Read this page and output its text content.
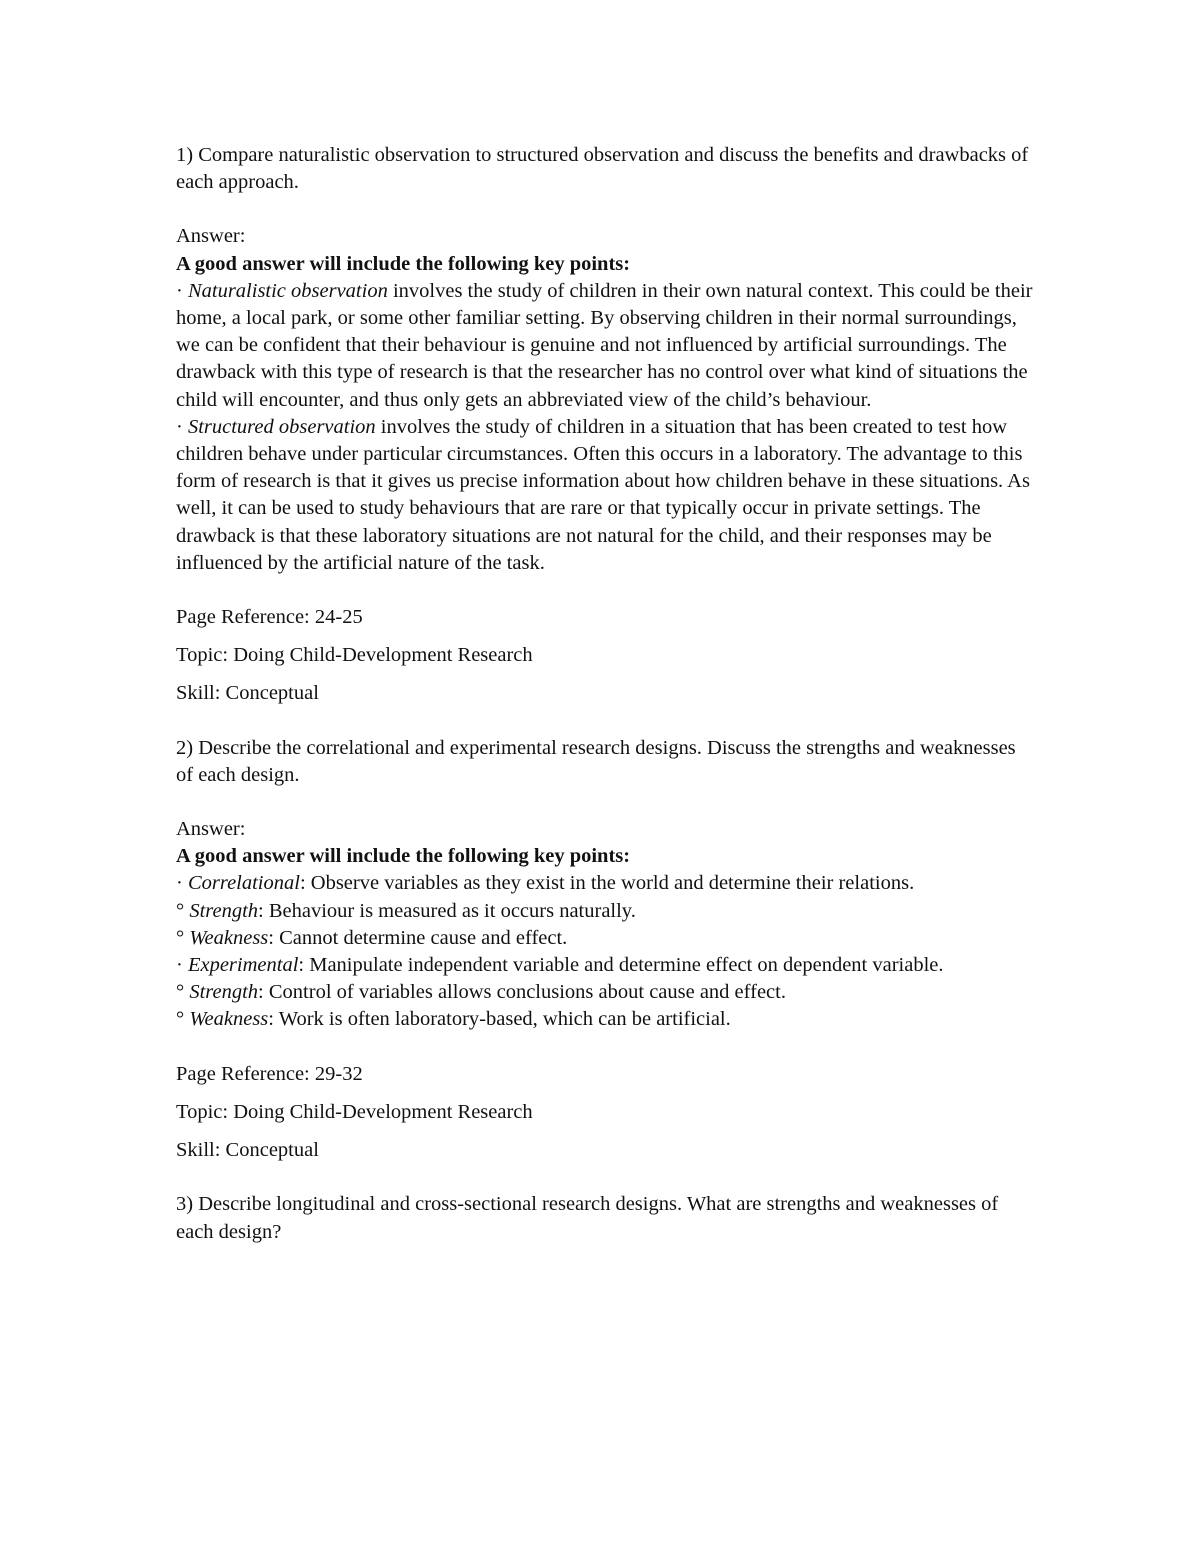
1) Compare naturalistic observation to structured observation and discuss the benefits and drawbacks of each approach.

Answer:

A good answer will include the following key points:

· Naturalistic observation involves the study of children in their own natural context. This could be their home, a local park, or some other familiar setting. By observing children in their normal surroundings, we can be confident that their behaviour is genuine and not influenced by artificial surroundings. The drawback with this type of research is that the researcher has no control over what kind of situations the child will encounter, and thus only gets an abbreviated view of the child’s behaviour.

· Structured observation involves the study of children in a situation that has been created to test how children behave under particular circumstances. Often this occurs in a laboratory. The advantage to this form of research is that it gives us precise information about how children behave in these situations. As well, it can be used to study behaviours that are rare or that typically occur in private settings. The drawback is that these laboratory situations are not natural for the child, and their responses may be influenced by the artificial nature of the task.

Page Reference: 24-25

Topic: Doing Child-Development Research

Skill: Conceptual

2) Describe the correlational and experimental research designs. Discuss the strengths and weaknesses of each design.

Answer:

A good answer will include the following key points:

· Correlational: Observe variables as they exist in the world and determine their relations.

° Strength: Behaviour is measured as it occurs naturally.

° Weakness: Cannot determine cause and effect.

· Experimental: Manipulate independent variable and determine effect on dependent variable.

° Strength: Control of variables allows conclusions about cause and effect.

° Weakness: Work is often laboratory-based, which can be artificial.

Page Reference: 29-32

Topic: Doing Child-Development Research

Skill: Conceptual

3) Describe longitudinal and cross-sectional research designs. What are strengths and weaknesses of each design?
